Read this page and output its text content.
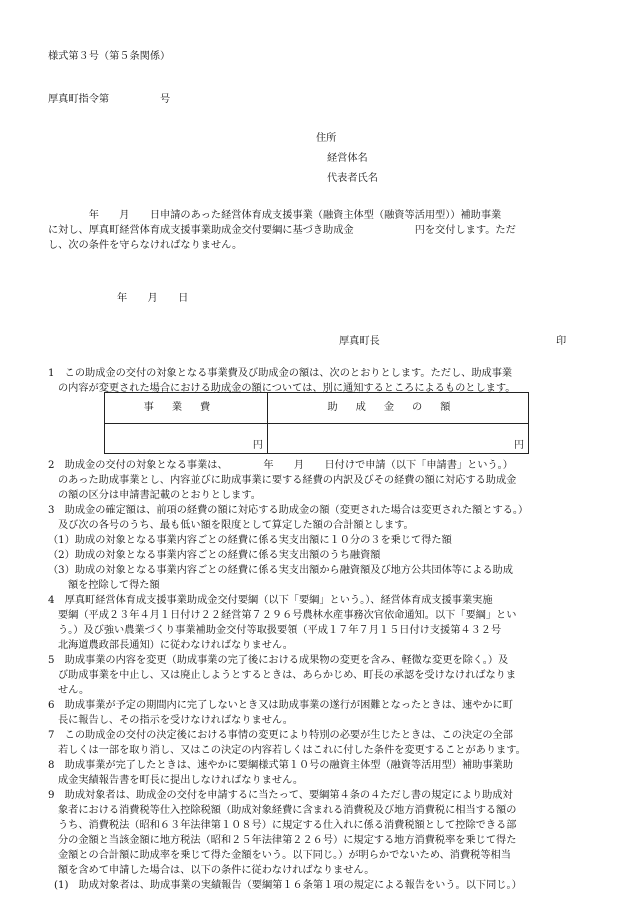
様式第３号（第５条関係）
厚真町指令第　　　　　号
住所
経営体名
代表者氏名
　　　　年　　月　　日申請のあった経営体育成支援事業（融資主体型（融資等活用型））補助事業
に対し、厚真町経営体育成支援事業助成金交付要綱に基づき助成金　　　　　　円を交付します。ただ
し、次の条件を守らなければなりません。
年　　月　　日
厚真町長	印
1　この助成金の交付の対象となる事業費及び助成金の額は、次のとおりとします。ただし、助成事業
の内容が変更された場合における助成金の額については、別に通知するところによるものとします。
事業費	助成金の額
円	円
2　助成金の交付の対象となる事業は、　　　　年　　月　　日付けで申請（以下「申請書」という。）
のあった助成事業とし、内容並びに助成事業に要する経費の内訳及びその経費の額に対応する助成金
の額の区分は申請書記載のとおりとします。
3　助成金の確定額は、前項の経費の額に対応する助成金の額（変更された場合は変更された額とする。）
及び次の各号のうち、最も低い額を限度として算定した額の合計額とします。
（1）助成の対象となる事業内容ごとの経費に係る実支出額に１０分の３を乗じて得た額
（2）助成の対象となる事業内容ごとの経費に係る実支出額のうち融資額
（3）助成の対象となる事業内容ごとの経費に係る実支出額から融資額及び地方公共団体等による助成
額を控除して得た額
4　厚真町経営体育成支援事業助成金交付要綱（以下「要綱」という。）、経営体育成支援事業実施
要綱（平成２３年４月１日付け２２経営第７２９６号農林水産事務次官依命通知。以下「要綱」とい
う。）及び強い農業づくり事業補助金交付等取扱要領（平成１７年７月１５日付け支援第４３２号
北海道農政部長通知）に従わなければなりません。
5　助成事業の内容を変更（助成事業の完了後における成果物の変更を含み、軽微な変更を除く。）及
び助成事業を中止し、又は廃止しようとするときは、あらかじめ、町長の承認を受けなければなりま
せん。
6　助成事業が予定の期間内に完了しないとき又は助成事業の遂行が困難となったときは、速やかに町
長に報告し、その指示を受けなければなりません。
7　この助成金の交付の決定後における事情の変更により特別の必要が生じたときは、この決定の全部
若しくは一部を取り消し、又はこの決定の内容若しくはこれに付した条件を変更することがあります。
8　助成事業が完了したときは、速やかに要綱様式第１０号の融資主体型（融資等活用型）補助事業助
成金実績報告書を町長に提出しなければなりません。
9　助成対象者は、助成金の交付を申請するに当たって、要綱第４条の４ただし書の規定により助成対
象者における消費税等仕入控除税額（助成対象経費に含まれる消費税及び地方消費税に相当する額の
うち、消費税法（昭和６３年法律第１０８号）に規定する仕入れに係る消費税額として控除できる部
分の金額と当該金額に地方税法（昭和２５年法律第２２６号）に規定する地方消費税率を乗じて得た
金額との合計額に助成率を乗じて得た金額をいう。以下同じ。）が明らかでないため、消費税等相当
額を含めて申請した場合は、以下の条件に従わなければなりません。
(1)　助成対象者は、助成事業の実績報告（要綱第１６条第１項の規定による報告をいう。以下同じ。）
